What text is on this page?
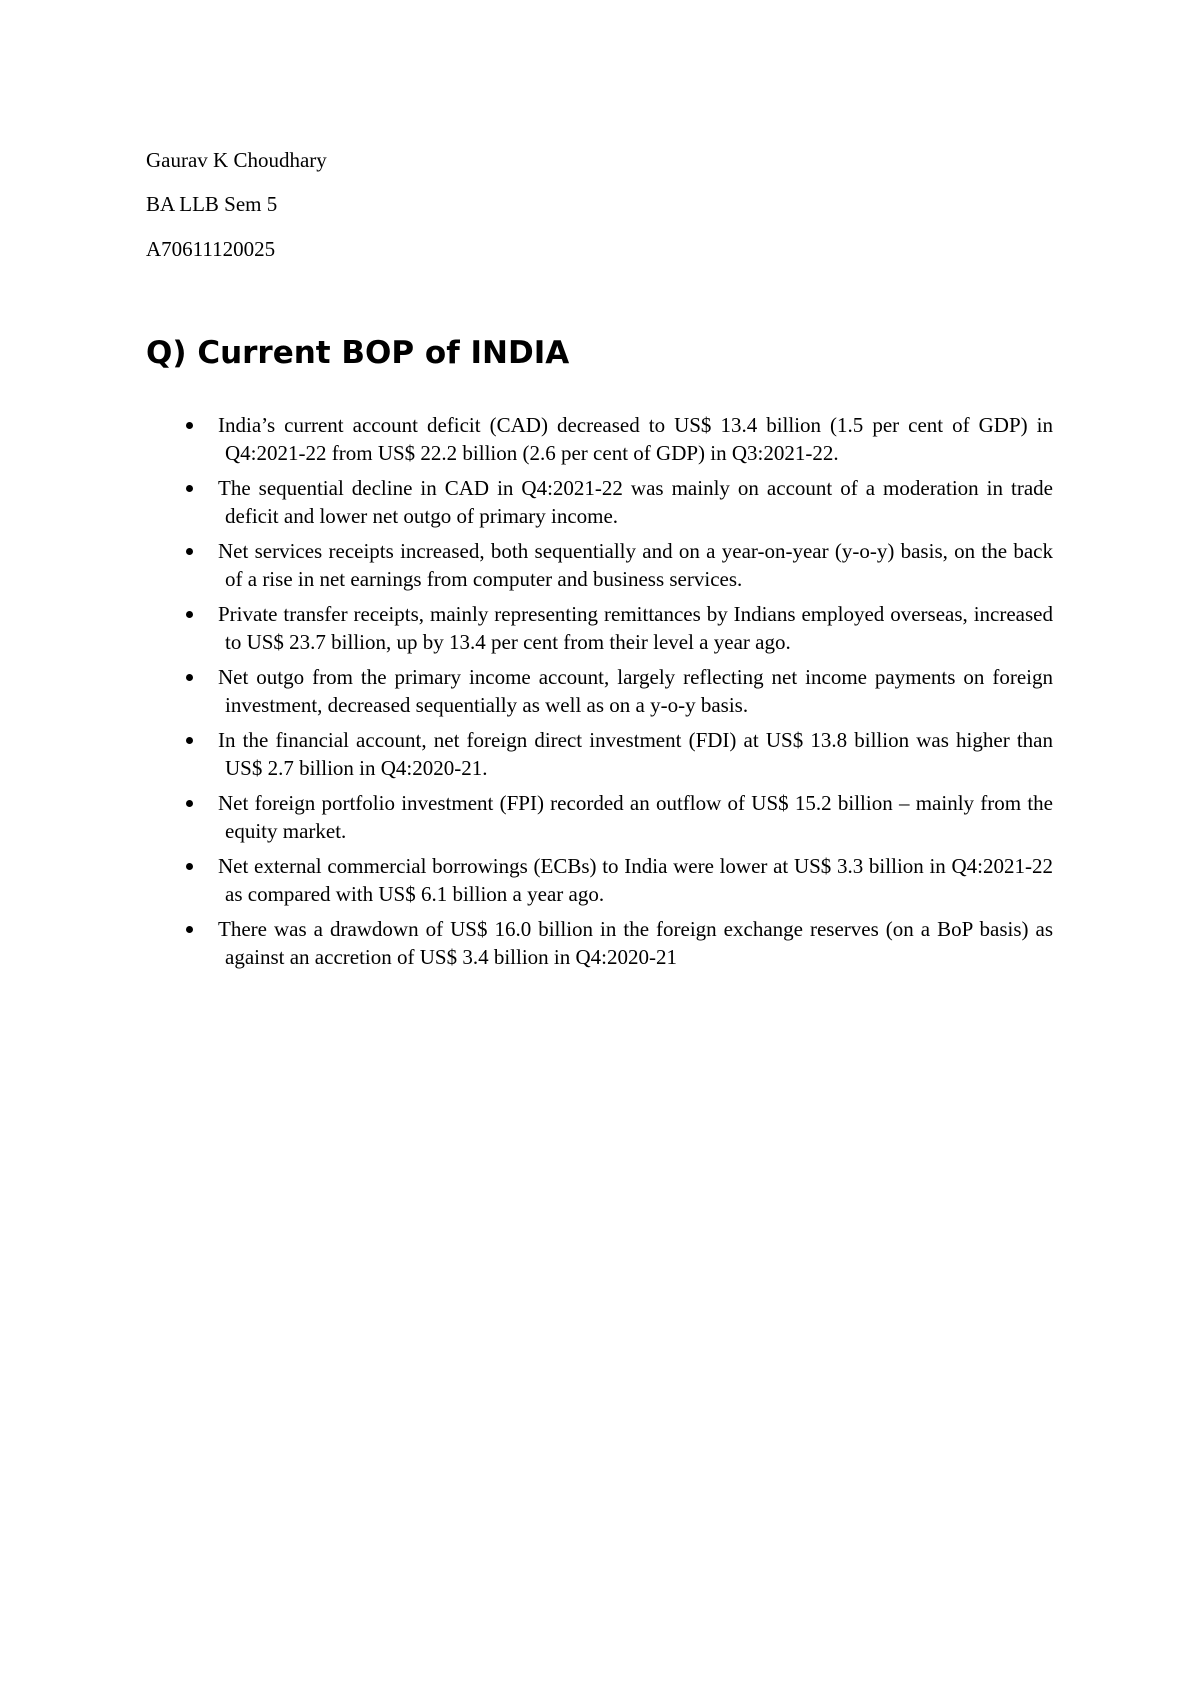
Gaurav K Choudhary
BA LLB Sem 5
A70611120025
Q) Current BOP of INDIA
India’s current account deficit (CAD) decreased to US$ 13.4 billion (1.5 per cent of GDP) in Q4:2021-22 from US$ 22.2 billion (2.6 per cent of GDP) in Q3:2021-22.
The sequential decline in CAD in Q4:2021-22 was mainly on account of a moderation in trade deficit and lower net outgo of primary income.
Net services receipts increased, both sequentially and on a year-on-year (y-o-y) basis, on the back of a rise in net earnings from computer and business services.
Private transfer receipts, mainly representing remittances by Indians employed overseas, increased to US$ 23.7 billion, up by 13.4 per cent from their level a year ago.
Net outgo from the primary income account, largely reflecting net income payments on foreign investment, decreased sequentially as well as on a y-o-y basis.
In the financial account, net foreign direct investment (FDI) at US$ 13.8 billion was higher than US$ 2.7 billion in Q4:2020-21.
Net foreign portfolio investment (FPI) recorded an outflow of US$ 15.2 billion – mainly from the equity market.
Net external commercial borrowings (ECBs) to India were lower at US$ 3.3 billion in Q4:2021-22 as compared with US$ 6.1 billion a year ago.
There was a drawdown of US$ 16.0 billion in the foreign exchange reserves (on a BoP basis) as against an accretion of US$ 3.4 billion in Q4:2020-21
